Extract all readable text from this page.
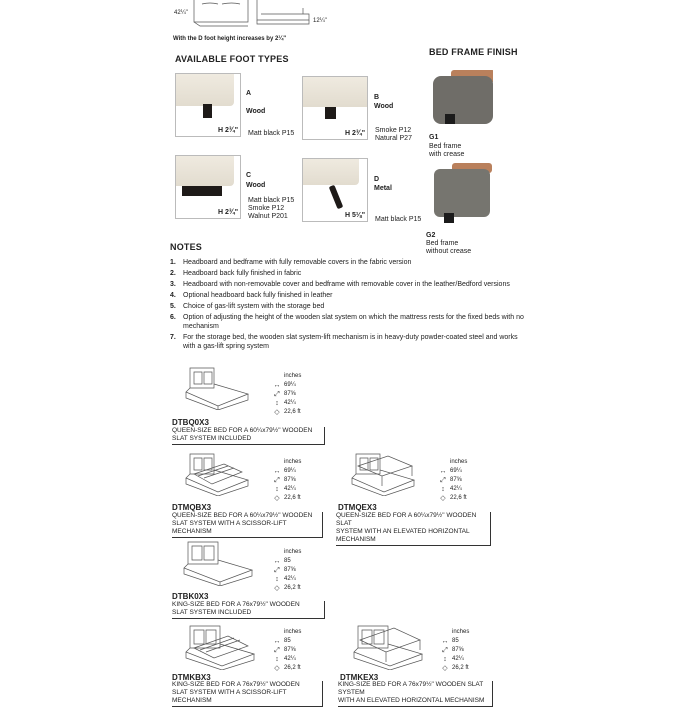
42¼"
12¼"
With the D foot height increases by 2¼"
AVAILABLE FOOT TYPES
H 2¾"
A
Wood
Matt black P15	H 2¾"
B
Wood
Smoke P12
Natural P27
H 2¾"
C
Wood
Matt black P15
Smoke P12
Walnut P201	H 5⅛"
D
Metal
Matt black P15
BED FRAME FINISH
G1
Bed frame
with crease
G2
Bed frame
without crease
NOTES
1. Headboard and bedframe with fully removable covers in the fabric version
2. Headboard back fully finished in fabric
3. Headboard with non-removable cover and bedframe with removable cover in the leather/Bedford versions
4. Optional headboard back fully finished in leather
5. Choice of gas-lift system with the storage bed
6. Option of adjusting the height of the wooden slat system on which the mattress rests for the fixed beds with no mechanism
7. For the storage bed, the wooden slat system-lift mechanism is in heavy-duty powder-coated steel and works with a gas-lift spring system
inches
↔ 69¼
⤢ 87⅝
↕ 42¼
◇ 22,6 ft
DTBQ0X3
QUEEN-SIZE BED FOR A 60¼x79½" WOODEN
SLAT SYSTEM INCLUDED
inches
↔ 69¼
⤢ 87⅝
↕ 42¼
◇ 22,6 ft
DTMQBX3
QUEEN-SIZE BED FOR A 60¼x79½" WOODEN
SLAT SYSTEM WITH A SCISSOR-LIFT MECHANISM
inches
↔ 69¼
⤢ 87⅝
↕ 42¼
◇ 22,6 ft
DTMQEX3
QUEEN-SIZE BED FOR A 60¼x79½" WOODEN SLAT
SYSTEM WITH AN ELEVATED HORIZONTAL MECHANISM
inches
↔ 85
⤢ 87⅝
↕ 42¼
◇ 26,2 ft
DTBK0X3
KING-SIZE BED FOR A 76x79½" WOODEN
SLAT SYSTEM INCLUDED
inches
↔ 85
⤢ 87⅝
↕ 42¼
◇ 26,2 ft
DTMKBX3
KING-SIZE BED FOR A 76x79½" WOODEN
SLAT SYSTEM WITH A SCISSOR-LIFT MECHANISM
inches
↔ 85
⤢ 87⅝
↕ 42¼
◇ 26,2 ft
DTMKEX3
KING-SIZE BED FOR A 76x79½" WOODEN SLAT SYSTEM
WITH AN ELEVATED HORIZONTAL MECHANISM
